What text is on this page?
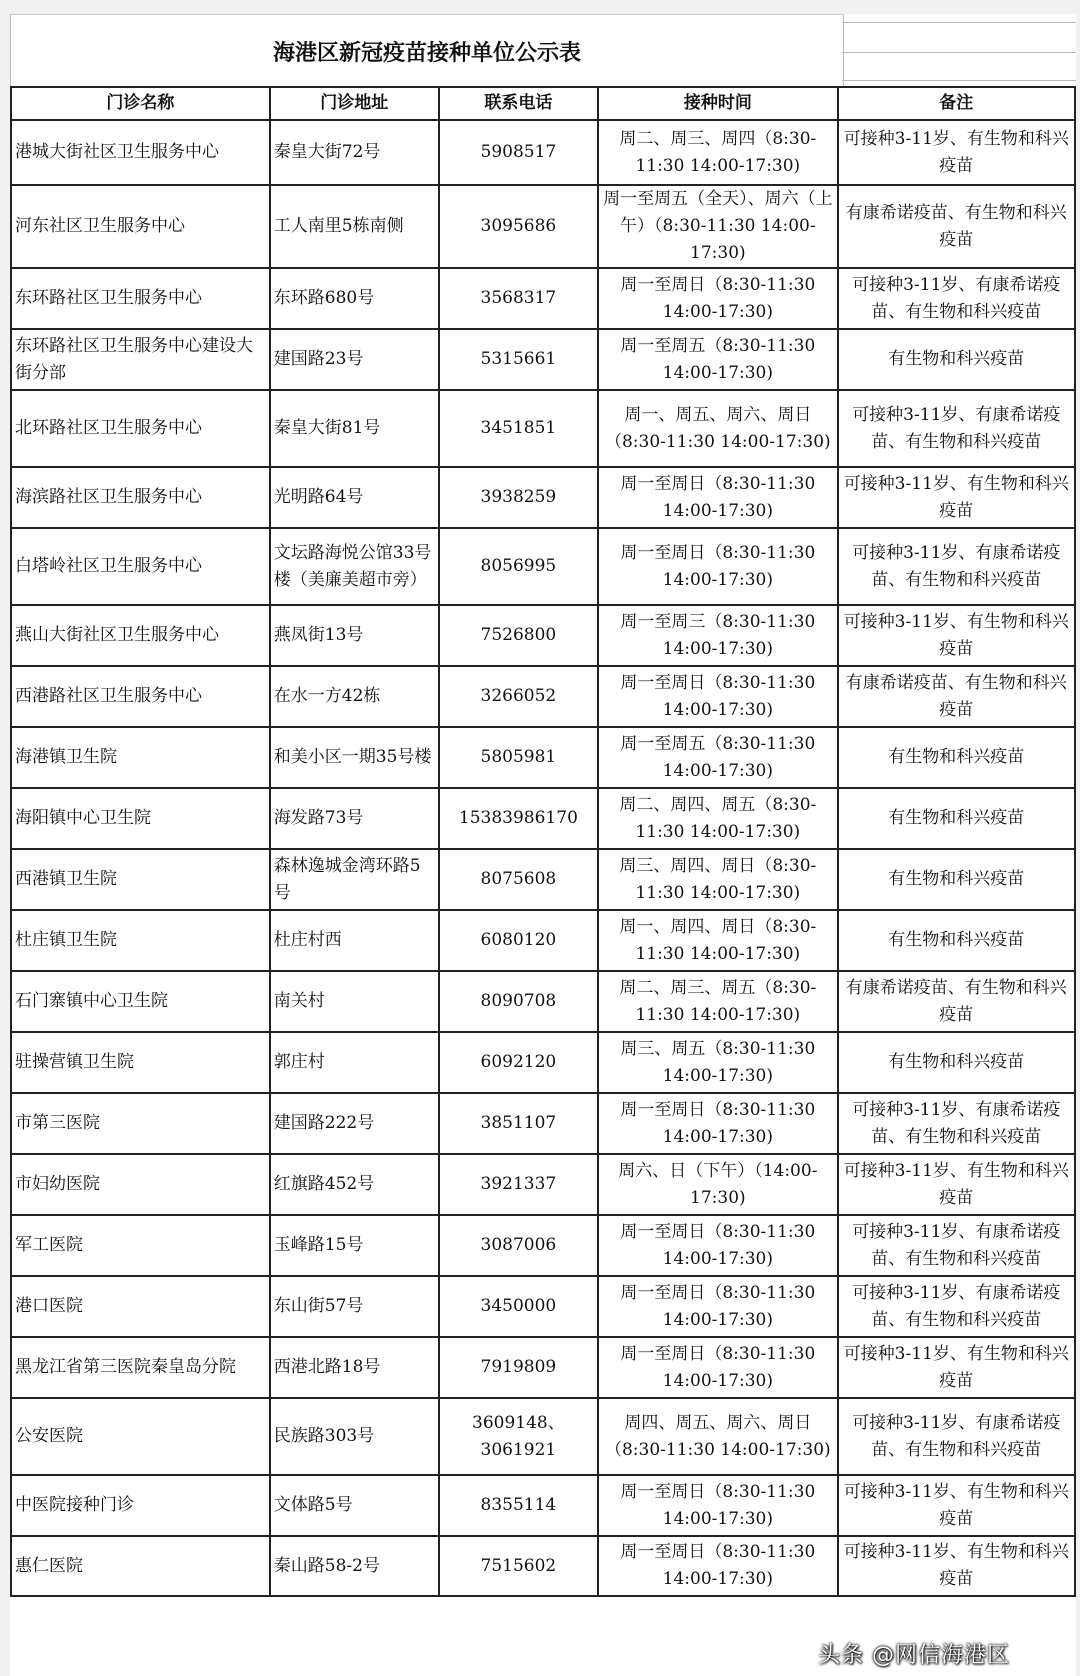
海港区新冠疫苗接种单位公示表
门诊名称	门诊地址	联系电话	接种时间	备注
港城大街社区卫生服务中心	秦皇大街72号	5908517	周二、周三、周四（8:30-11:30 14:00-17:30)	可接种3-11岁、有生物和科兴疫苗
河东社区卫生服务中心	工人南里5栋南侧	3095686	周一至周五（全天）、周六（上午）（8:30-11:30 14:00-17:30)	有康希诺疫苗、有生物和科兴疫苗
东环路社区卫生服务中心	东环路680号	3568317	周一至周日（8:30-11:30 14:00-17:30)	可接种3-11岁、有康希诺疫苗、有生物和科兴疫苗
东环路社区卫生服务中心建设大街分部	建国路23号	5315661	周一至周五（8:30-11:30 14:00-17:30)	有生物和科兴疫苗
北环路社区卫生服务中心	秦皇大街81号	3451851	周一、周五、周六、周日（8:30-11:30 14:00-17:30)	可接种3-11岁、有康希诺疫苗、有生物和科兴疫苗
海滨路社区卫生服务中心	光明路64号	3938259	周一至周日（8:30-11:30 14:00-17:30)	可接种3-11岁、有生物和科兴疫苗
白塔岭社区卫生服务中心	文坛路海悦公馆33号楼（美廉美超市旁）	8056995	周一至周日（8:30-11:30 14:00-17:30)	可接种3-11岁、有康希诺疫苗、有生物和科兴疫苗
燕山大街社区卫生服务中心	燕凤街13号	7526800	周一至周三（8:30-11:30 14:00-17:30)	可接种3-11岁、有生物和科兴疫苗
西港路社区卫生服务中心	在水一方42栋	3266052	周一至周日（8:30-11:30 14:00-17:30)	有康希诺疫苗、有生物和科兴疫苗
海港镇卫生院	和美小区一期35号楼	5805981	周一至周五（8:30-11:30 14:00-17:30)	有生物和科兴疫苗
海阳镇中心卫生院	海发路73号	15383986170	周二、周四、周五（8:30-11:30 14:00-17:30)	有生物和科兴疫苗
西港镇卫生院	森林逸城金湾环路5号	8075608	周三、周四、周日（8:30-11:30 14:00-17:30)	有生物和科兴疫苗
杜庄镇卫生院	杜庄村西	6080120	周一、周四、周日（8:30-11:30 14:00-17:30)	有生物和科兴疫苗
石门寨镇中心卫生院	南关村	8090708	周二、周三、周五（8:30-11:30 14:00-17:30)	有康希诺疫苗、有生物和科兴疫苗
驻操营镇卫生院	郭庄村	6092120	周三、周五（8:30-11:30 14:00-17:30)	有生物和科兴疫苗
市第三医院	建国路222号	3851107	周一至周日（8:30-11:30 14:00-17:30)	可接种3-11岁、有康希诺疫苗、有生物和科兴疫苗
市妇幼医院	红旗路452号	3921337	周六、日（下午）（14:00-17:30)	可接种3-11岁、有生物和科兴疫苗
军工医院	玉峰路15号	3087006	周一至周日（8:30-11:30 14:00-17:30)	可接种3-11岁、有康希诺疫苗、有生物和科兴疫苗
港口医院	东山街57号	3450000	周一至周日（8:30-11:30 14:00-17:30)	可接种3-11岁、有康希诺疫苗、有生物和科兴疫苗
黑龙江省第三医院秦皇岛分院	西港北路18号	7919809	周一至周日（8:30-11:30 14:00-17:30)	可接种3-11岁、有生物和科兴疫苗
公安医院	民族路303号	3609148、3061921	周四、周五、周六、周日（8:30-11:30 14:00-17:30)	可接种3-11岁、有康希诺疫苗、有生物和科兴疫苗
中医院接种门诊	文体路5号	8355114	周一至周日（8:30-11:30 14:00-17:30)	可接种3-11岁、有生物和科兴疫苗
惠仁医院	秦山路58-2号	7515602	周一至周日（8:30-11:30 14:00-17:30)	可接种3-11岁、有生物和科兴疫苗
头条 @网信海港区
